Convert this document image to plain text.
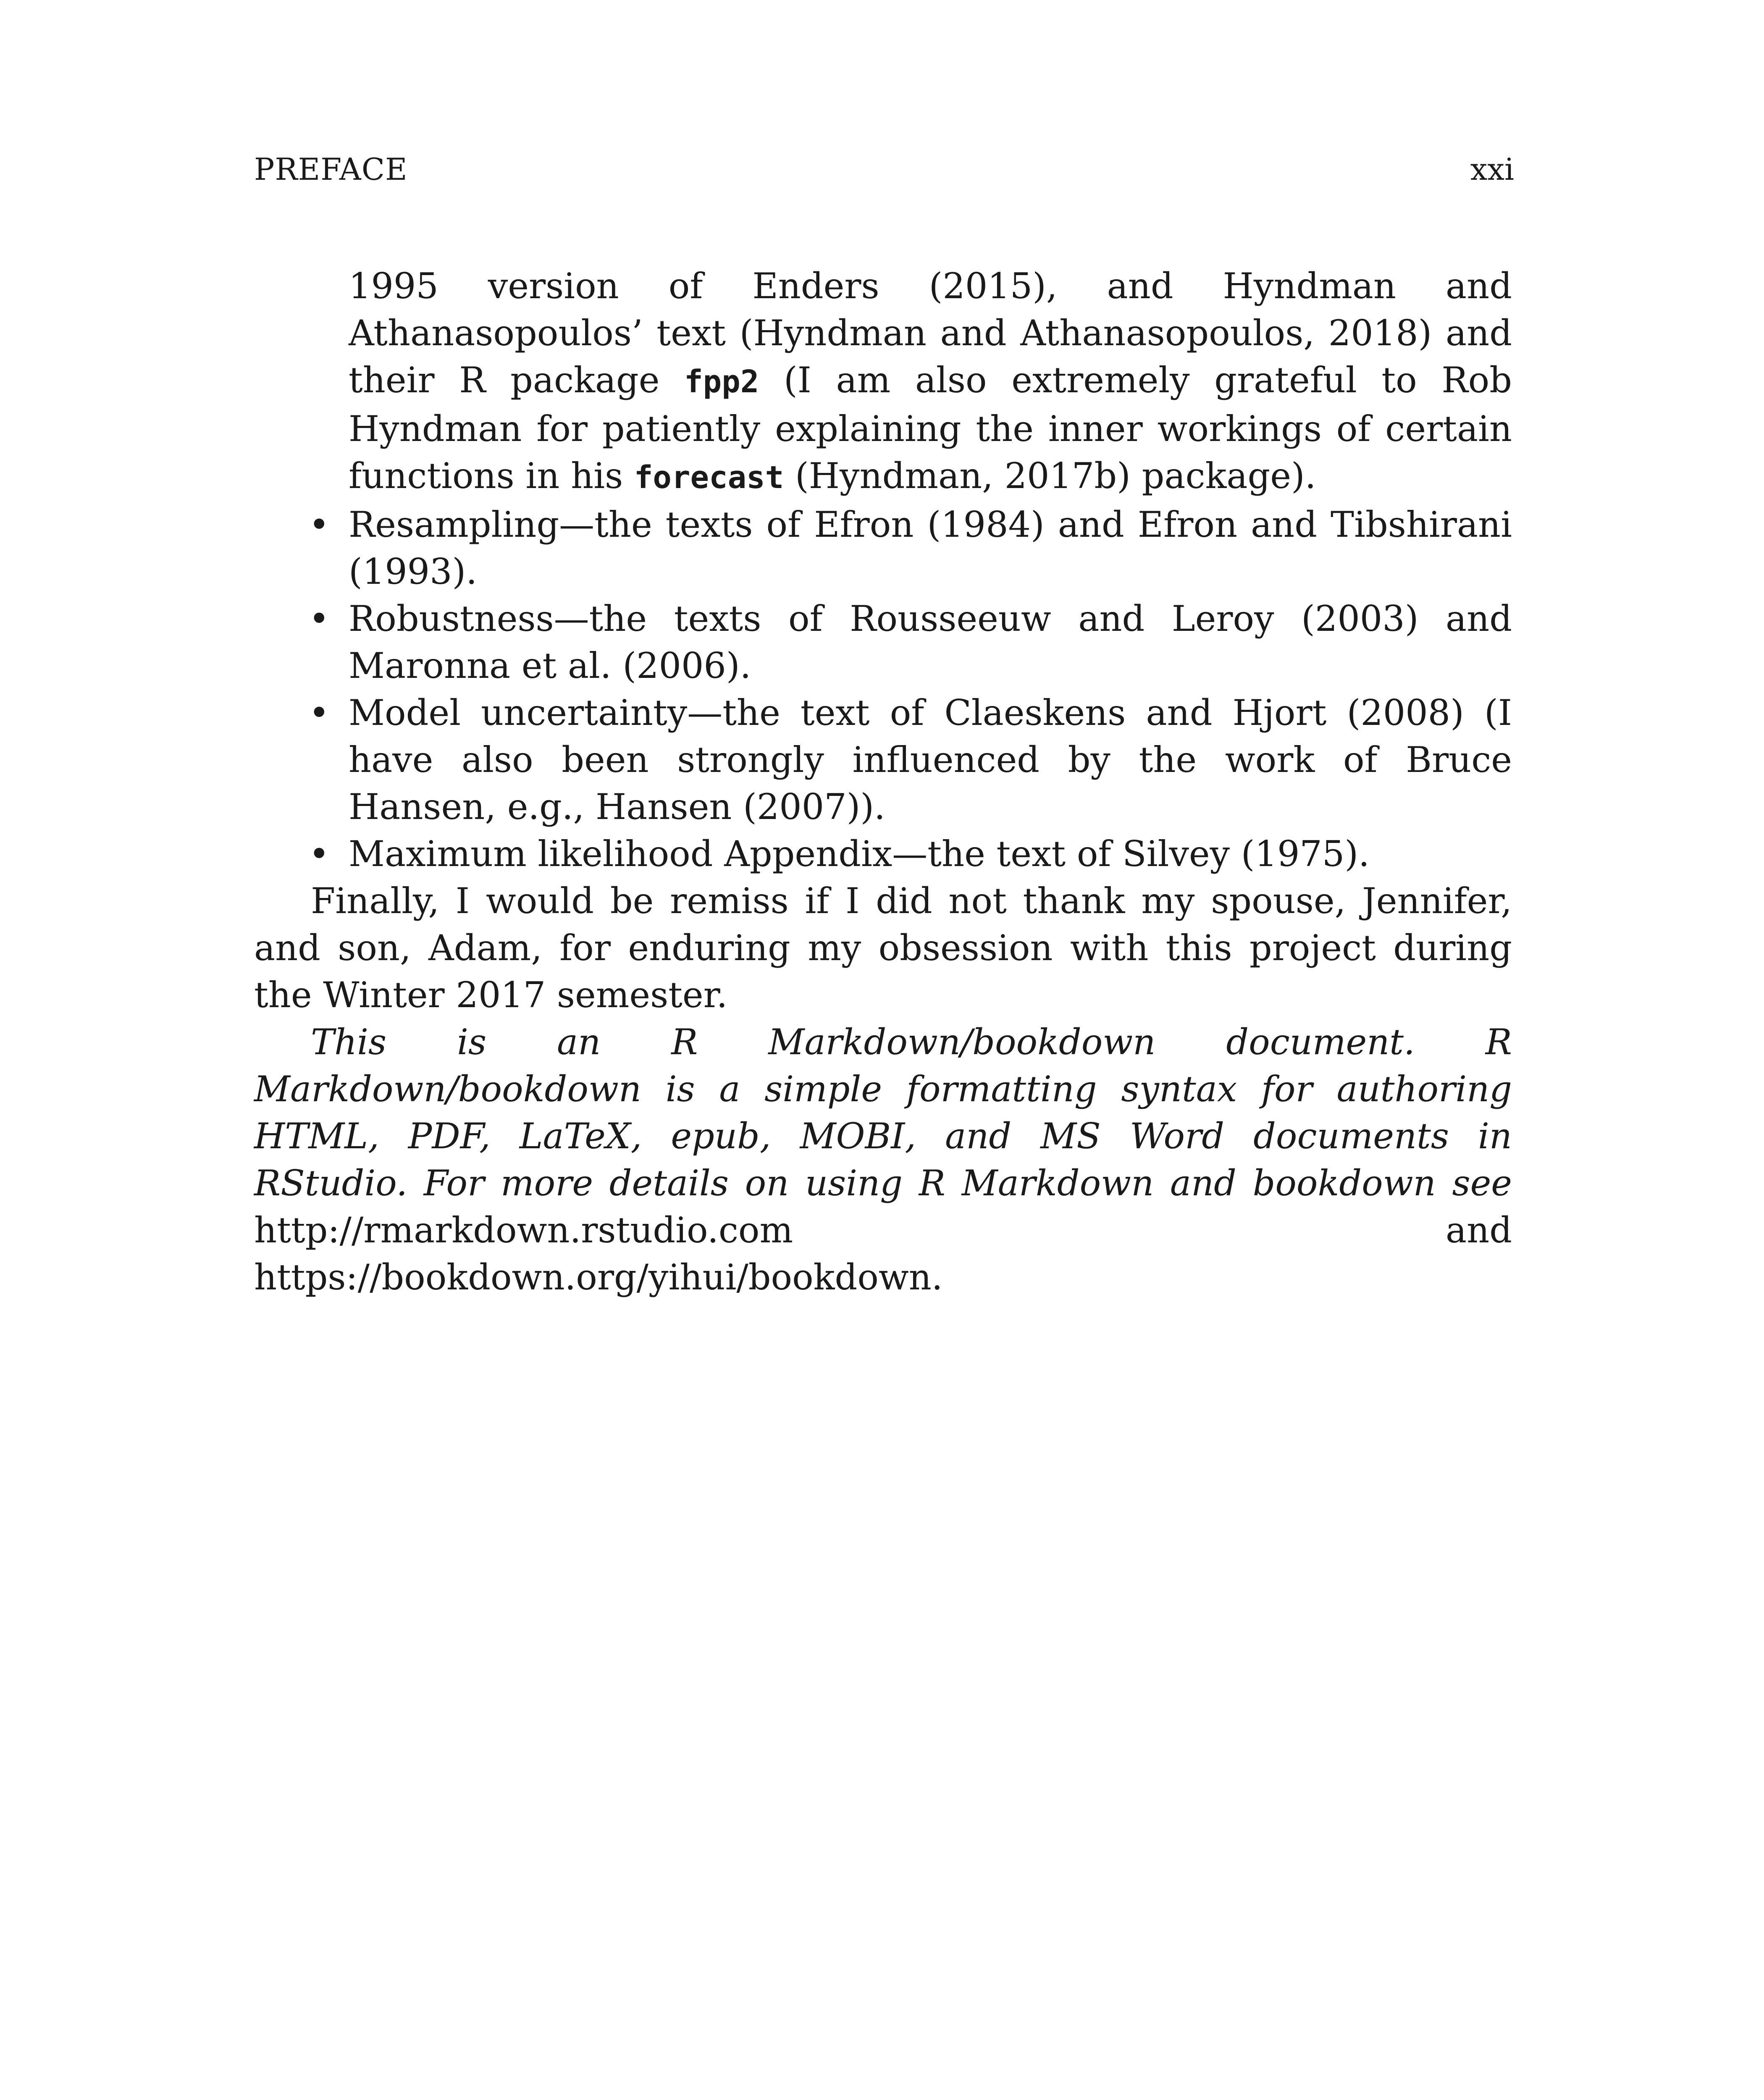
PREFACE	xxi

1995 version of Enders (2015), and Hyndman and Athanasopoulos’ text (Hyndman and Athanasopoulos, 2018) and their R package fpp2 (I am also extremely grateful to Rob Hyndman for patiently explaining the inner workings of certain functions in his forecast (Hyndman, 2017b) package).

• Resampling—the texts of Efron (1984) and Efron and Tibshirani (1993).
• Robustness—the texts of Rousseeuw and Leroy (2003) and Maronna et al. (2006).
• Model uncertainty—the text of Claeskens and Hjort (2008) (I have also been strongly influenced by the work of Bruce Hansen, e.g., Hansen (2007)).
• Maximum likelihood Appendix—the text of Silvey (1975).

Finally, I would be remiss if I did not thank my spouse, Jennifer, and son, Adam, for enduring my obsession with this project during the Winter 2017 semester.

This is an R Markdown/bookdown document. R Markdown/bookdown is a simple formatting syntax for authoring HTML, PDF, LaTeX, epub, MOBI, and MS Word documents in RStudio. For more details on using R Markdown and bookdown see http://rmarkdown.rstudio.com and https://bookdown.org/yihui/bookdown.
